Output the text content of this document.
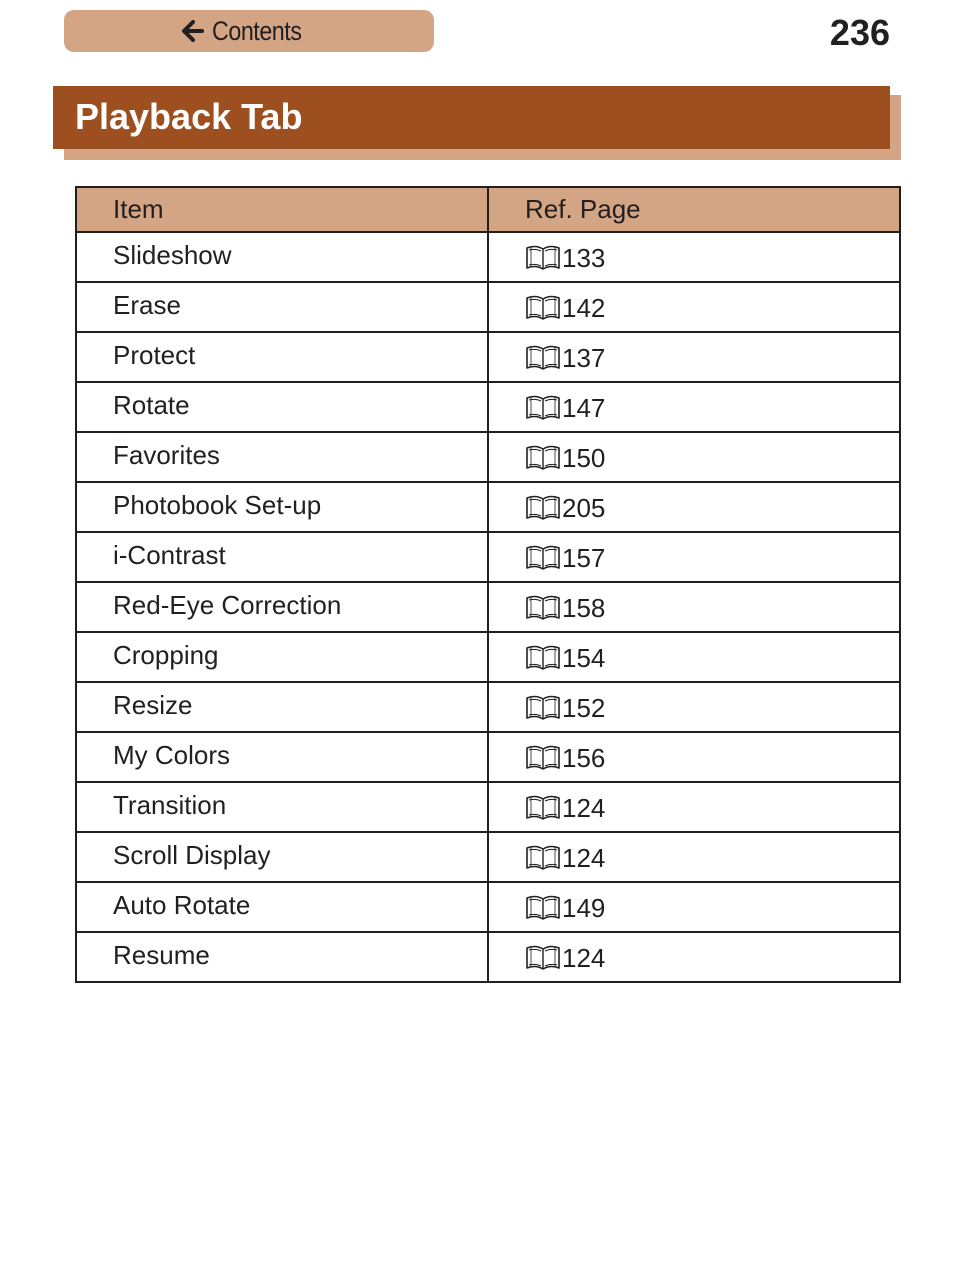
Contents	236
Playback Tab
Item	Ref. Page
Slideshow	133
Erase	142
Protect	137
Rotate	147
Favorites	150
Photobook Set-up	205
i-Contrast	157
Red-Eye Correction	158
Cropping	154
Resize	152
My Colors	156
Transition	124
Scroll Display	124
Auto Rotate	149
Resume	124
